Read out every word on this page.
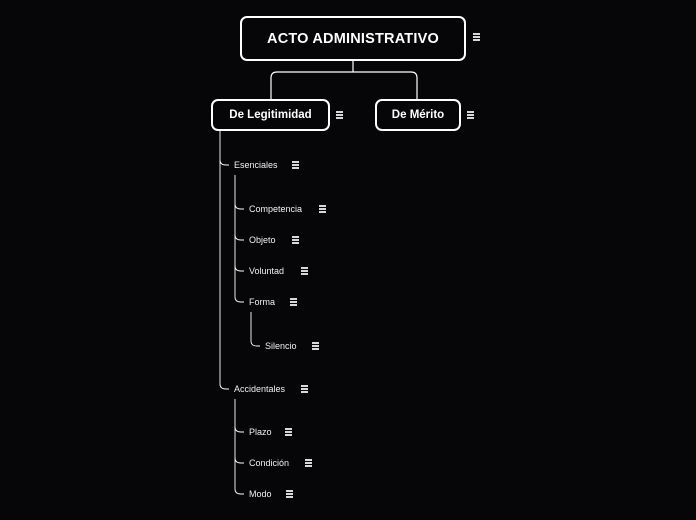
ACTO ADMINISTRATIVO
De Legitimidad	De Mérito
Esenciales
Competencia
Objeto
Voluntad
Forma
Silencio
Accidentales
Plazo
Condición
Modo
